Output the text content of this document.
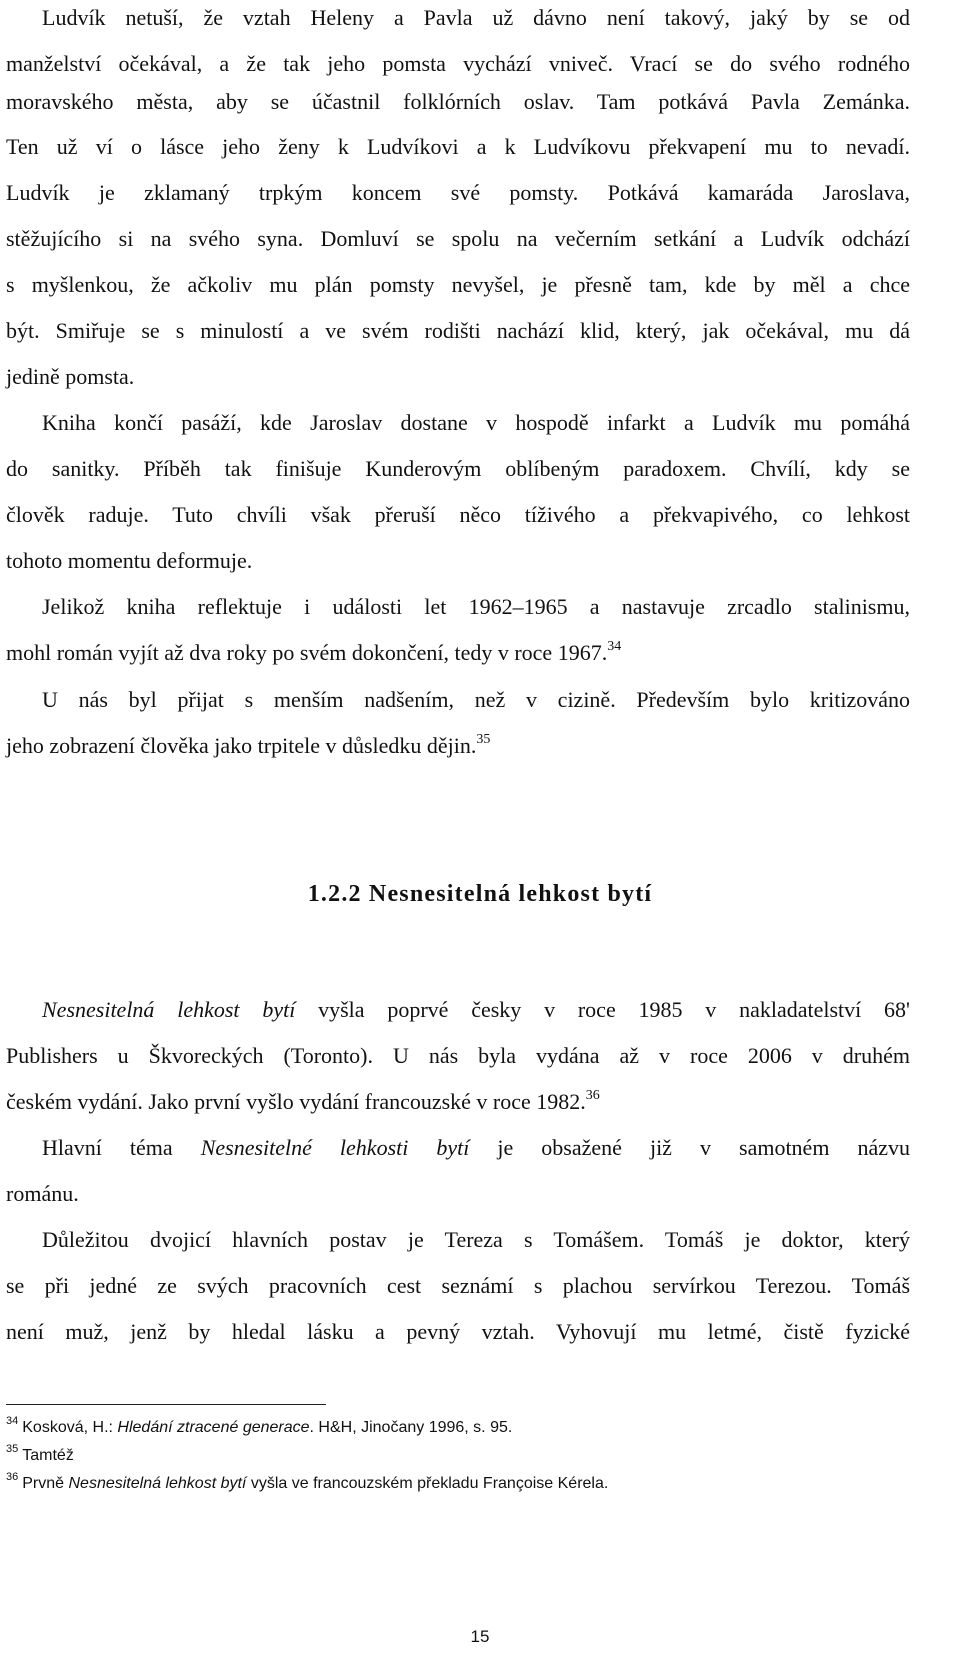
Ludvík netuší, že vztah Heleny a Pavla už dávno není takový, jaký by se od
manželství očekával, a že tak jeho pomsta vychází vniveč. Vrací se do svého rodného
moravského města, aby se účastnil folklórních oslav. Tam potkává Pavla Zemánka.
Ten už ví o lásce jeho ženy k Ludvíkovi a k Ludvíkovu překvapení mu to nevadí.
Ludvík je zklamaný trpkým koncem své pomsty. Potkává kamaráda Jaroslava,
stěžujícího si na svého syna. Domluví se spolu na večerním setkání a Ludvík odchází
s myšlenkou, že ačkoliv mu plán pomsty nevyšel, je přesně tam, kde by měl a chce
být. Smiřuje se s minulostí a ve svém rodišti nachází klid, který, jak očekával, mu dá
jedině pomsta.
Kniha končí pasáží, kde Jaroslav dostane v hospodě infarkt a Ludvík mu pomáhá
do sanitky. Příběh tak finišuje Kunderovým oblíbeným paradoxem. Chvílí, kdy se
člověk raduje. Tuto chvíli však přeruší něco tíživého a překvapivého, co lehkost
tohoto momentu deformuje.
Jelikož kniha reflektuje i události let 1962–1965 a nastavuje zrcadlo stalinismu,
mohl román vyjít až dva roky po svém dokončení, tedy v roce 1967.34
U nás byl přijat s menším nadšením, než v cizině. Především bylo kritizováno
jeho zobrazení člověka jako trpitele v důsledku dějin.$^{35}$
1.2.2 Nesnesitelná lehkost bytí
Nesnesitelná lehkost bytí vyšla poprvé česky v roce 1985 v nakladatelství 68'
Publishers u Škvoreckých (Toronto). U nás byla vydána až v roce 2006 v druhém
českém vydání. Jako první vyšlo vydání francouzské v roce 1982.36
Hlavní téma Nesnesitelné lehkosti bytí je obsažené již v samotném názvu
románu.
Důležitou dvojicí hlavních postav je Tereza s Tomášem. Tomáš je doktor, který
se při jedné ze svých pracovních cest seznámí s plachou servírkou Terezou. Tomáš
není muž, jenž by hledal lásku a pevný vztah. Vyhovují mu letmé, čistě fyzické
$^{34}$ Kosková, H.: Hledání ztracené generace. H&H, Jinočany 1996, s. 95.
$^{35}$ Tamtéž
$^{36}$ Prvně Nesnesitelná lehkost bytí vyšla ve francouzském překladu Françoise Kérela.
15
